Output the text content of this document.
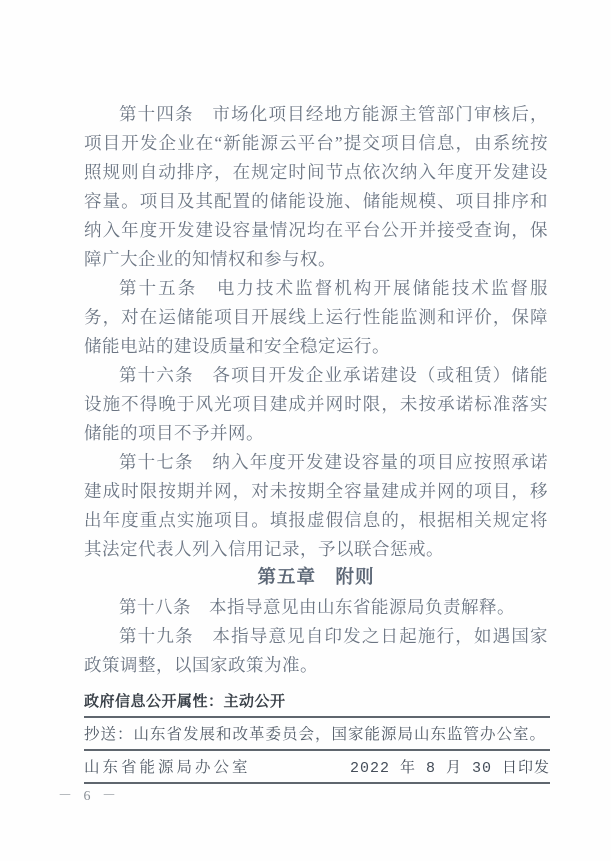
第十四条　市场化项目经地方能源主管部门审核后，项目开发企业在“新能源云平台”提交项目信息，由系统按照规则自动排序，在规定时间节点依次纳入年度开发建设容量。项目及其配置的储能设施、储能规模、项目排序和纳入年度开发建设容量情况均在平台公开并接受查询，保障广大企业的知情权和参与权。

第十五条　电力技术监督机构开展储能技术监督服务，对在运储能项目开展线上运行性能监测和评价，保障储能电站的建设质量和安全稳定运行。

第十六条　各项目开发企业承诺建设（或租赁）储能设施不得晚于风光项目建成并网时限，未按承诺标准落实储能的项目不予并网。

第十七条　纳入年度开发建设容量的项目应按照承诺建成时限按期并网，对未按期全容量建成并网的项目，移出年度重点实施项目。填报虚假信息的，根据相关规定将其法定代表人列入信用记录，予以联合惩戒。

第五章　附则

第十八条　本指导意见由山东省能源局负责解释。

第十九条　本指导意见自印发之日起施行，如遇国家政策调整，以国家政策为准。

政府信息公开属性：主动公开
抄送：山东省发展和改革委员会，国家能源局山东监管办公室。
山东省能源局办公室	2022 年 8 月 30 日印发
－ 6 －
